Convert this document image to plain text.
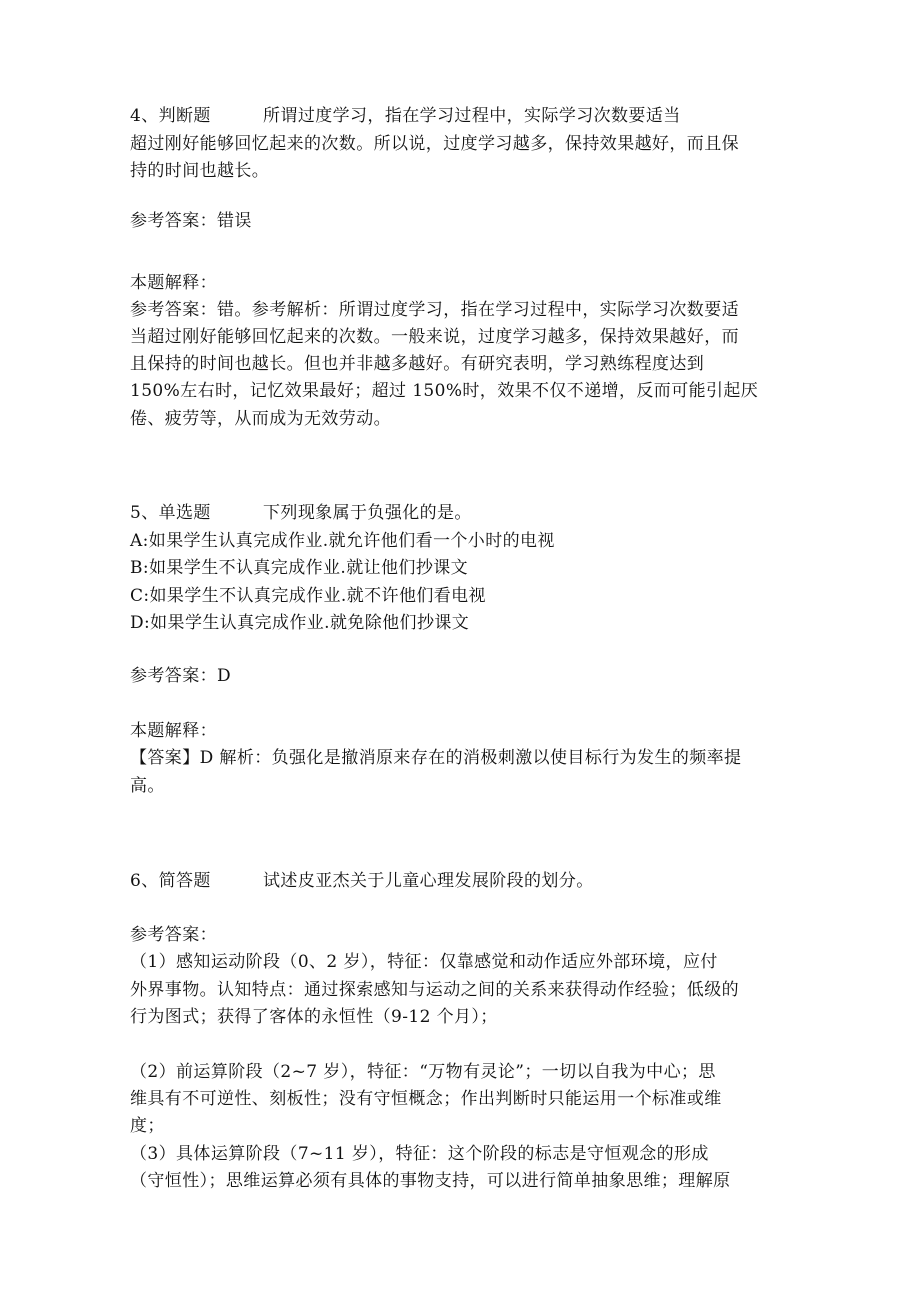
4、判断题　　　所谓过度学习，指在学习过程中，实际学习次数要适当
超过刚好能够回忆起来的次数。所以说，过度学习越多，保持效果越好，而且保
持的时间也越长。
参考答案：错误
本题解释：
参考答案：错。参考解析：所谓过度学习，指在学习过程中，实际学习次数要适
当超过刚好能够回忆起来的次数。一般来说，过度学习越多，保持效果越好，而
且保持的时间也越长。但也并非越多越好。有研究表明，学习熟练程度达到
150%左右时，记忆效果最好；超过 150%时，效果不仅不递增，反而可能引起厌
倦、疲劳等，从而成为无效劳动。
5、单选题　　　下列现象属于负强化的是。
A:如果学生认真完成作业.就允许他们看一个小时的电视
B:如果学生不认真完成作业.就让他们抄课文
C:如果学生不认真完成作业.就不许他们看电视
D:如果学生认真完成作业.就免除他们抄课文
参考答案：D
本题解释：
【答案】D 解析：负强化是撤消原来存在的消极刺激以使目标行为发生的频率提
高。
6、简答题　　　试述皮亚杰关于儿童心理发展阶段的划分。
参考答案：
（1）感知运动阶段（0、2 岁），特征：仅靠感觉和动作适应外部环境，应付
外界事物。认知特点：通过探索感知与运动之间的关系来获得动作经验；低级的
行为图式；获得了客体的永恒性（9-12 个月）；
（2）前运算阶段（2~7 岁），特征：“万物有灵论”；一切以自我为中心；思
维具有不可逆性、刻板性；没有守恒概念；作出判断时只能运用一个标准或维
度；
（3）具体运算阶段（7~11 岁），特征：这个阶段的标志是守恒观念的形成
（守恒性）；思维运算必须有具体的事物支持，可以进行简单抽象思维；理解原
